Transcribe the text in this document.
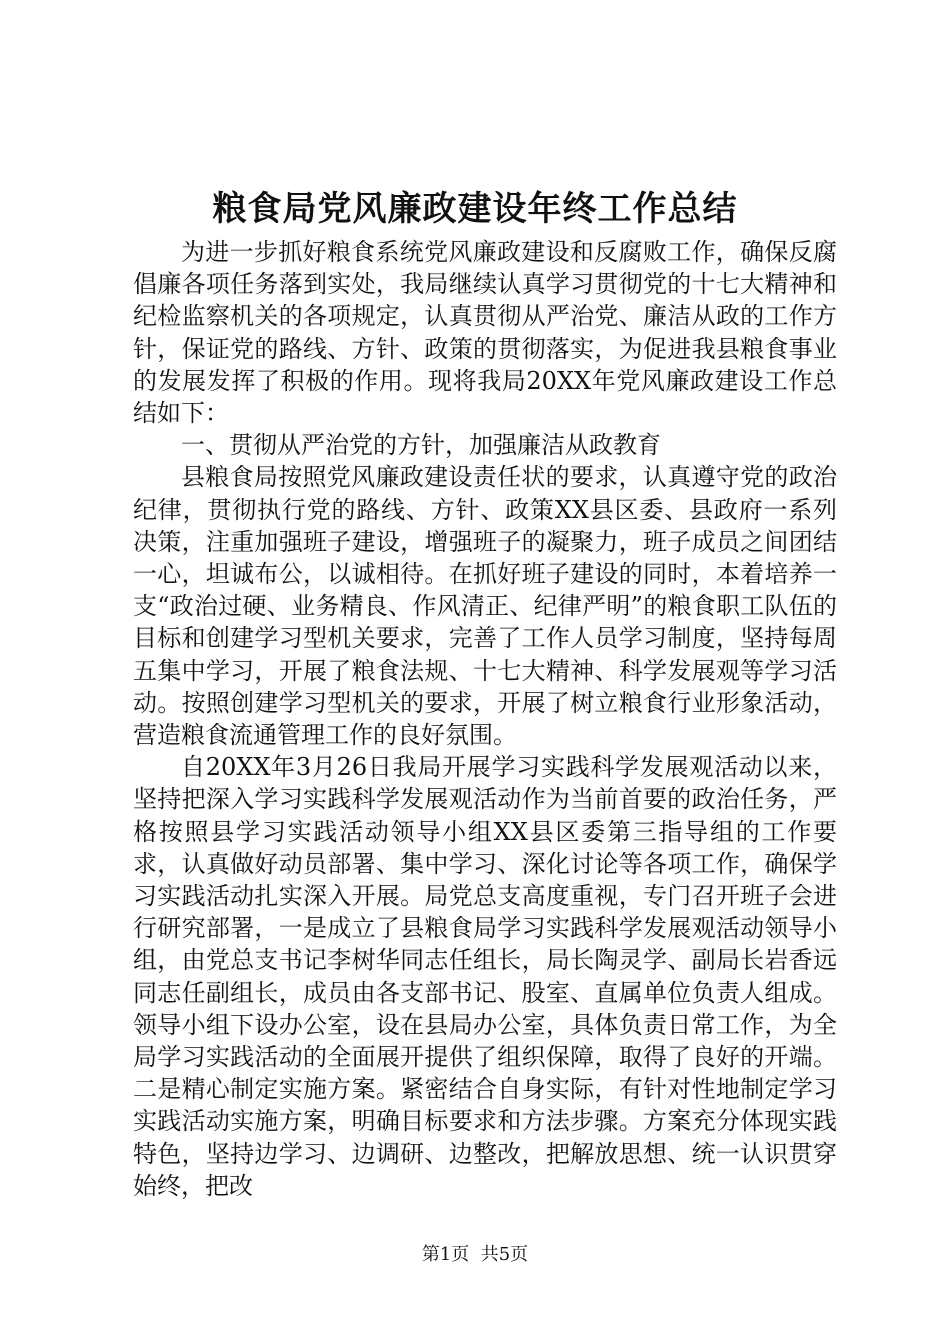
粮食局党风廉政建设年终工作总结

为进一步抓好粮食系统党风廉政建设和反腐败工作，确保反腐倡廉各项任务落到实处，我局继续认真学习贯彻党的十七大精神和纪检监察机关的各项规定，认真贯彻从严治党、廉洁从政的工作方针，保证党的路线、方针、政策的贯彻落实，为促进我县粮食事业的发展发挥了积极的作用。现将我局20XX年党风廉政建设工作总结如下：

一、贯彻从严治党的方针，加强廉洁从政教育

县粮食局按照党风廉政建设责任状的要求，认真遵守党的政治纪律，贯彻执行党的路线、方针、政策XX县区委、县政府一系列决策，注重加强班子建设，增强班子的凝聚力，班子成员之间团结一心，坦诚布公，以诚相待。在抓好班子建设的同时，本着培养一支“政治过硬、业务精良、作风清正、纪律严明”的粮食职工队伍的目标和创建学习型机关要求，完善了工作人员学习制度，坚持每周五集中学习，开展了粮食法规、十七大精神、科学发展观等学习活动。按照创建学习型机关的要求，开展了树立粮食行业形象活动，营造粮食流通管理工作的良好氛围。

自20XX年3月26日我局开展学习实践科学发展观活动以来，坚持把深入学习实践科学发展观活动作为当前首要的政治任务，严格按照县学习实践活动领导小组XX县区委第三指导组的工作要求，认真做好动员部署、集中学习、深化讨论等各项工作，确保学习实践活动扎实深入开展。局党总支高度重视，专门召开班子会进行研究部署，一是成立了县粮食局学习实践科学发展观活动领导小组，由党总支书记李树华同志任组长，局长陶灵学、副局长岩香远同志任副组长，成员由各支部书记、股室、直属单位负责人组成。领导小组下设办公室，设在县局办公室，具体负责日常工作，为全局学习实践活动的全面展开提供了组织保障，取得了良好的开端。二是精心制定实施方案。紧密结合自身实际，有针对性地制定学习实践活动实施方案，明确目标要求和方法步骤。方案充分体现实践特色，坚持边学习、边调研、边整改，把解放思想、统一认识贯穿始终，把改

第1页 共5页
